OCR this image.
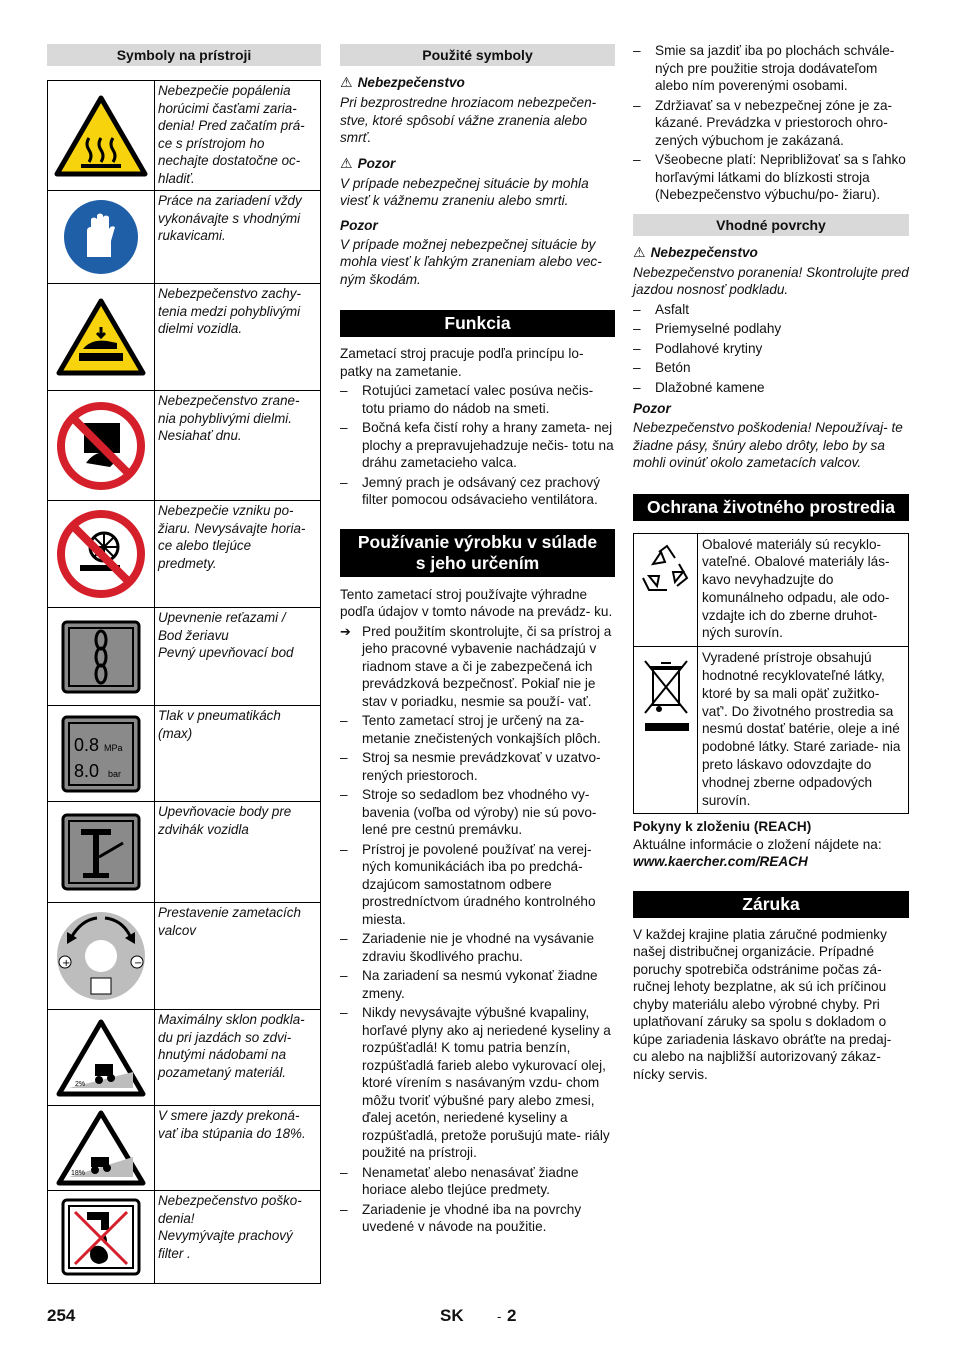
Symboly na prístroji
Nebezpečie popálenia
horúcimi časťami zaria-
denia! Pred začatím prá-
ce s prístrojom ho
nechajte dostatočne oc-
hladiť.
Práce na zariadení vždy
vykonávajte s vhodnými
rukavicami.
Nebezpečenstvo zachy-
tenia medzi pohyblivými
dielmi vozidla.
Nebezpečenstvo zrane-
nia pohyblivými dielmi.
Nesiahať dnu.
Nebezpečie vzniku po-
žiaru. Nevysávajte horia-
ce alebo tlejúce
predmety.
Upevnenie reťazami /
Bod žeriavu
Pevný upevňovací bod
0.8 MPa
8.0 bar
Tlak v pneumatikách
(max)
Upevňovacie body pre
zdvihák vozidla
+	−
Prestavenie zametacích
valcov
2%
Maximálny sklon podkla-
du pri jazdách so zdvi-
hnutými nádobami na
pozametaný materiál.
18%
V smere jazdy prekoná-
vať iba stúpania do 18%.
Nebezpečenstvo poško-
denia!
Nevymývajte prachový
filter .
Použité symboly
⚠ Nebezpečenstvo

Pri bezprostredne hroziacom nebezpečen- stve, ktoré spôsobí vážne zranenia alebo smrť.

⚠ Pozor

V prípade nebezpečnej situácie by mohla viesť k vážnemu zraneniu alebo smrti.

Pozor

V prípade možnej nebezpečnej situácie by mohla viesť k ľahkým zraneniam alebo vec- ným škodám.

Funkcia

Zametací stroj pracuje podľa princípu lo- patky na zametanie.

– Rotujúci zametací valec posúva nečis- totu priamo do nádob na smeti.
– Bočná kefa čistí rohy a hrany zameta- nej plochy a prepravujehadzuje nečis- totu na dráhu zametacieho valca.
– Jemný prach je odsávaný cez prachový filter pomocou odsávacieho ventilátora.
Používanie výrobku v súlade
s jeho určením

Tento zametací stroj používajte výhradne podľa údajov v tomto návode na prevádz- ku.

➔ Pred použitím skontrolujte, či sa prístroj a jeho pracovné vybavenie nachádzajú v riadnom stave a či je zabezpečená ich prevádzková bezpečnosť. Pokiaľ nie je stav v poriadku, nesmie sa použí- vať.
– Tento zametací stroj je určený na za- metanie znečistených vonkajších plôch.
– Stroj sa nesmie prevádzkovať v uzatvo- rených priestoroch.
– Stroje so sedadlom bez vhodného vy- bavenia (voľba od výroby) nie sú povo- lené pre cestnú premávku.
– Prístroj je povolené používať na verej- ných komunikáciách iba po predchá- dzajúcom samostatnom odbere prostredníctvom úradného kontrolného miesta.
– Zariadenie nie je vhodné na vysávanie zdraviu škodlivého prachu.
– Na zariadení sa nesmú vykonať žiadne zmeny.
– Nikdy nevysávajte výbušné kvapaliny, horľavé plyny ako aj neriedené kyseliny a rozpúšťadlá! K tomu patria benzín, rozpúšťadlá farieb alebo vykurovací olej, ktoré vírením s nasávaným vzdu- chom môžu tvoriť výbušné pary alebo zmesi, ďalej acetón, neriedené kyseliny a rozpúšťadlá, pretože porušujú mate- riály použité na prístroji.
– Nenametať alebo nenasávať žiadne horiace alebo tlejúce predmety.
– Zariadenie je vhodné iba na povrchy uvedené v návode na použitie.
– Smie sa jazdiť iba po plochách schvále- ných pre použitie stroja dodávateľom alebo ním poverenými osobami.
– Zdržiavať sa v nebezpečnej zóne je za- kázané. Prevádzka v priestoroch ohro- zených výbuchom je zakázaná.
– Všeobecne platí: Nepribližovať sa s ľahko horľavými látkami do blízkosti stroja (Nebezpečenstvo výbuchu/po- žiaru).
Vhodné povrchy
⚠ Nebezpečenstvo

Nebezpečenstvo poranenia! Skontrolujte pred jazdou nosnosť podkladu.

– Asfalt
– Priemyselné podlahy
– Podlahové krytiny
– Betón
– Dlažobné kamene
Pozor

Nebezpečenstvo poškodenia! Nepoužívaj- te žiadne pásy, šnúry alebo drôty, lebo by sa mohli ovinúť okolo zametacích valcov.

Ochrana životného prostredia
Obalové materiály sú recyklo- vateľné. Obalové materiály lás- kavo nevyhadzujte do komunálneho odpadu, ale odo- vzdajte ich do zberne druhot- ných surovín.
Vyradené prístroje obsahujú hodnotné recyklovateľné látky, ktoré by sa mali opäť zužitko- vať'. Do životného prostredia sa nesmú dostať batérie, oleje a iné podobné látky. Staré zariade- nia preto láskavo odovzdajte do vhodnej zberne odpadových surovín.

Pokyny k zloženiu (REACH)

Aktuálne informácie o zložení nájdete na:

www.kaercher.com/REACH

Záruka

V každej krajine platia záručné podmienky našej distribučnej organizácie. Prípadné poruchy spotrebiča odstránime počas zá- ručnej lehoty bezplatne, ak sú ich príčinou chyby materiálu alebo výrobné chyby. Pri uplatňovaní záruky sa spolu s dokladom o kúpe zariadenia láskavo obráťte na predaj- cu alebo na najbližší autorizovaný zákaz- nícky servis.

254	SK	- 2
